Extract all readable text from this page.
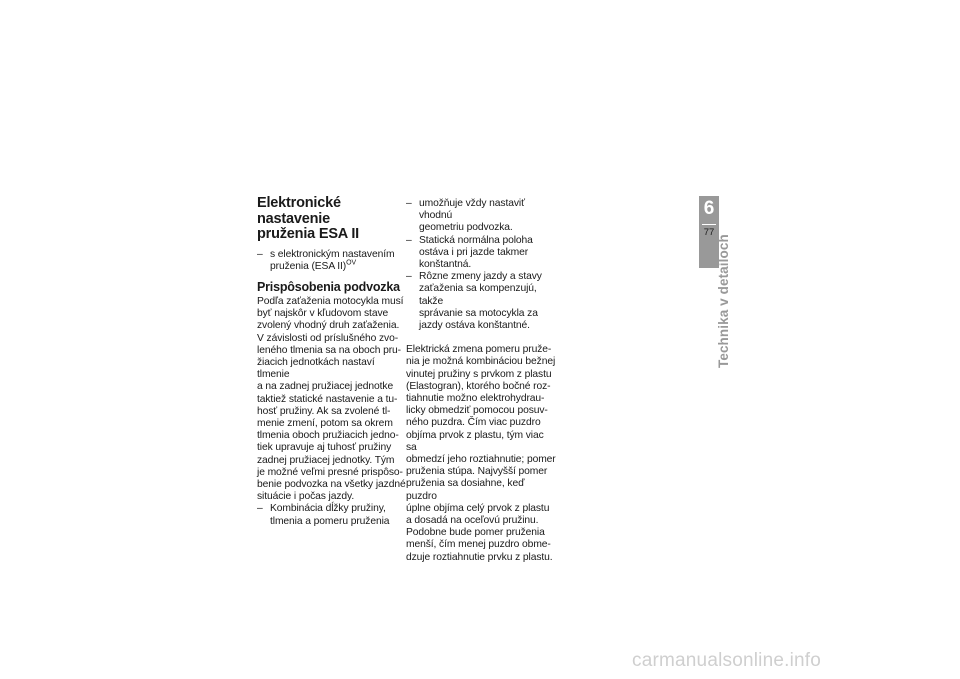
Elektronické nastavenie
pruženia ESA II
– s elektronickým nastavením
pruženia (ESA II)$^{OV}$
Prispôsobenia podvozka
Podľa zaťaženia motocykla musí
byť najskôr v kľudovom stave
zvolený vhodný druh zaťaženia.
V závislosti od príslušného zvo-
leného tlmenia sa na oboch pru-
žiacich jednotkách nastaví tlmenie
a na zadnej pružiacej jednotke
taktiež statické nastavenie a tu-
hosť pružiny. Ak sa zvolené tl-
menie zmení, potom sa okrem
tlmenia oboch pružiacich jedno-
tiek upravuje aj tuhosť pružiny
zadnej pružiacej jednotky. Tým
je možné veľmi presné prispôso-
benie podvozka na všetky jazdné
situácie i počas jazdy.
– Kombinácia dĺžky pružiny,
tlmenia a pomeru pruženia
– umožňuje vždy nastaviť vhodnú
geometriu podvozka.
– Statická normálna poloha
ostáva i pri jazde takmer
konštantná.
– Rôzne zmeny jazdy a stavy
zaťaženia sa kompenzujú, takže
správanie sa motocykla za
jazdy ostáva konštantné.
Elektrická zmena pomeru pruže-
nia je možná kombináciou bežnej
vinutej pružiny s prvkom z plastu
(Elastogran), ktorého bočné roz-
tiahnutie možno elektrohydrau-
licky obmedziť pomocou posuv-
ného puzdra. Čím viac puzdro
objíma prvok z plastu, tým viac sa
obmedzí jeho roztiahnutie; pomer
pruženia stúpa. Najvyšší pomer
pruženia sa dosiahne, keď puzdro
úplne objíma celý prvok z plastu
a dosadá na oceľovú pružinu.
Podobne bude pomer pruženia
menší, čím menej puzdro obme-
dzuje roztiahnutie prvku z plastu.
6
77
Technika v detailoch
carmanualsonline.info
